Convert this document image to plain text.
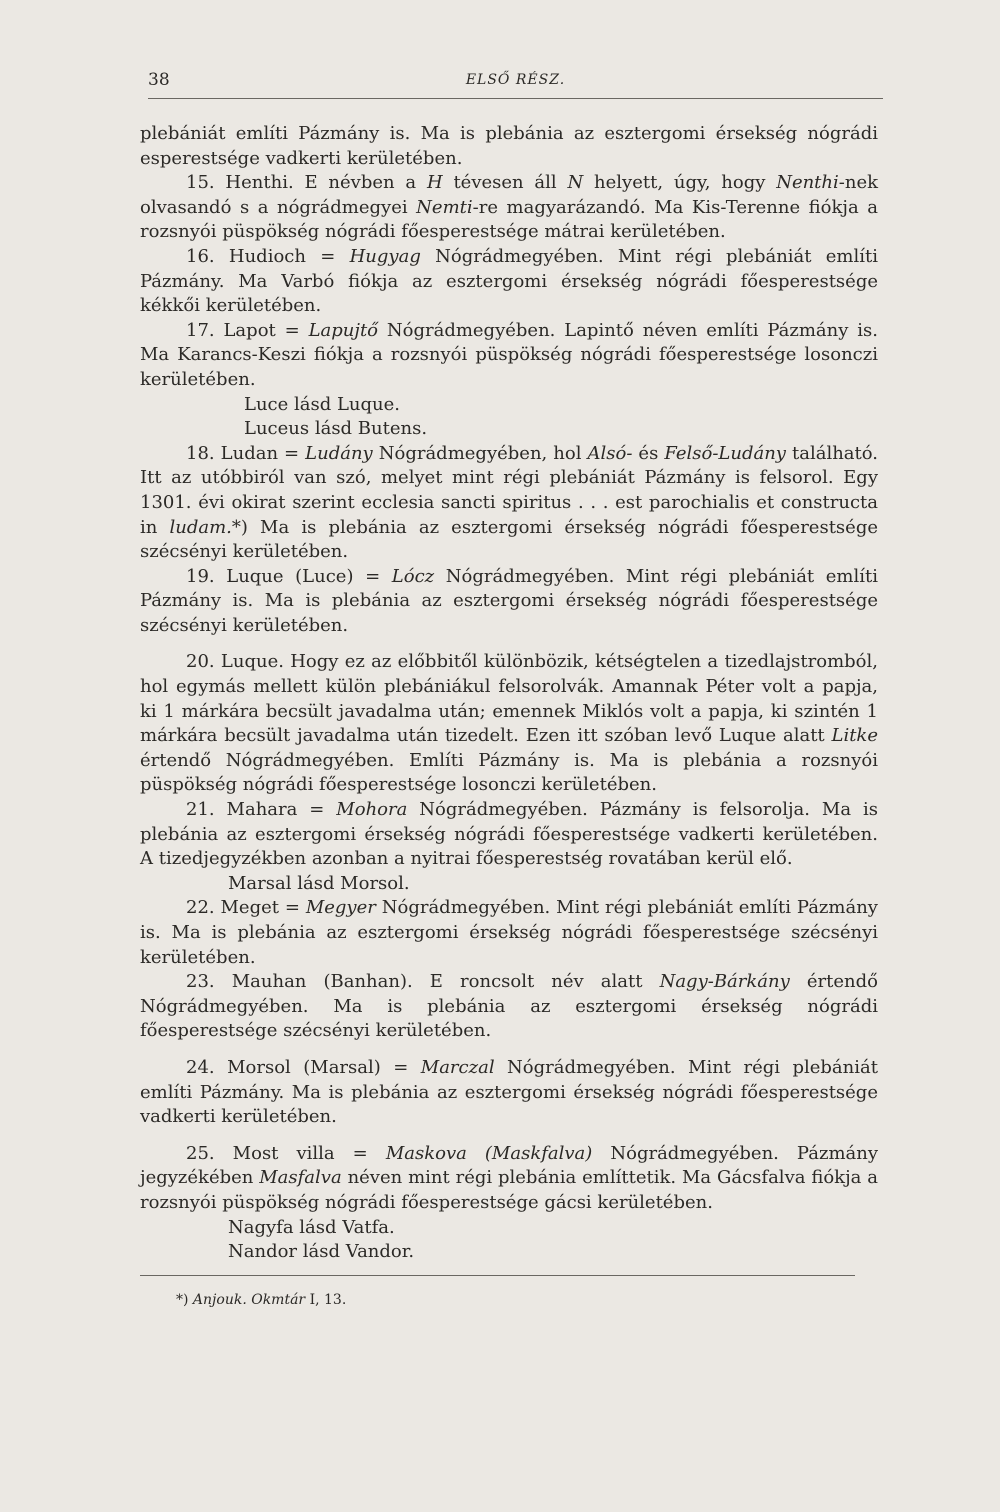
38	ELSŐ RÉSZ.

plebániát említi Pázmány is. Ma is plebánia az esztergomi érsekség nógrádi esperestsége vadkerti kerületében.

15. Henthi. E névben a H tévesen áll N helyett, úgy, hogy Nenthi-nek olvasandó s a nógrádmegyei Nemti-re magyarázandó. Ma Kis-Terenne fiókja a rozsnyói püspökség nógrádi főesperestsége mátrai kerületében.

16. Hudioch = Hugyag Nógrádmegyében. Mint régi plebániát említi Pázmány. Ma Varbó fiókja az esztergomi érsekség nógrádi főesperestsége kékkői kerületében.

17. Lapot = Lapujtő Nógrádmegyében. Lapintő néven említi Pázmány is. Ma Karancs-Keszi fiókja a rozsnyói püspökség nógrádi főesperestsége losonczi kerületében.

Luce lásd Luque.

Luceus lásd Butens.

18. Ludan = Ludány Nógrádmegyében, hol Alsó- és Felső-Ludány található. Itt az utóbbiról van szó, melyet mint régi plebániát Pázmány is felsorol. Egy 1301. évi okirat szerint ecclesia sancti spiritus . . . est parochialis et constructa in ludam.*) Ma is plebánia az esztergomi érsekség nógrádi főesperestsége szécsényi kerületében.

19. Luque (Luce) = Lócz Nógrádmegyében. Mint régi plebániát említi Pázmány is. Ma is plebánia az esztergomi érsekség nógrádi főesperestsége szécsényi kerületében.

20. Luque. Hogy ez az előbbitől különbözik, kétségtelen a tizedlajstromból, hol egymás mellett külön plebániákul felsorolvák. Amannak Péter volt a papja, ki 1 márkára becsült javadalma után; emennek Miklós volt a papja, ki szintén 1 márkára becsült javadalma után tizedelt. Ezen itt szóban levő Luque alatt Litke értendő Nógrádmegyében. Említi Pázmány is. Ma is plebánia a rozsnyói püspökség nógrádi főesperestsége losonczi kerületében.

21. Mahara = Mohora Nógrádmegyében. Pázmány is felsorolja. Ma is plebánia az esztergomi érsekség nógrádi főesperestsége vadkerti kerületében. A tizedjegyzékben azonban a nyitrai főesperestség rovatában kerül elő.

Marsal lásd Morsol.

22. Meget = Megyer Nógrádmegyében. Mint régi plebániát említi Pázmány is. Ma is plebánia az esztergomi érsekség nógrádi főesperestsége szécsényi kerületében.

23. Mauhan (Banhan). E roncsolt név alatt Nagy-Bárkány értendő Nógrádmegyében. Ma is plebánia az esztergomi érsekség nógrádi főesperestsége szécsényi kerületében.

24. Morsol (Marsal) = Marczal Nógrádmegyében. Mint régi plebániát említi Pázmány. Ma is plebánia az esztergomi érsekség nógrádi főesperestsége vadkerti kerületében.

25. Most villa = Maskova (Maskfalva) Nógrádmegyében. Pázmány jegyzékében Masfalva néven mint régi plebánia említtetik. Ma Gácsfalva fiókja a rozsnyói püspökség nógrádi főesperestsége gácsi kerületében.

Nagyfa lásd Vatfa.

Nandor lásd Vandor.

*) Anjouk. Okmtár I, 13.
